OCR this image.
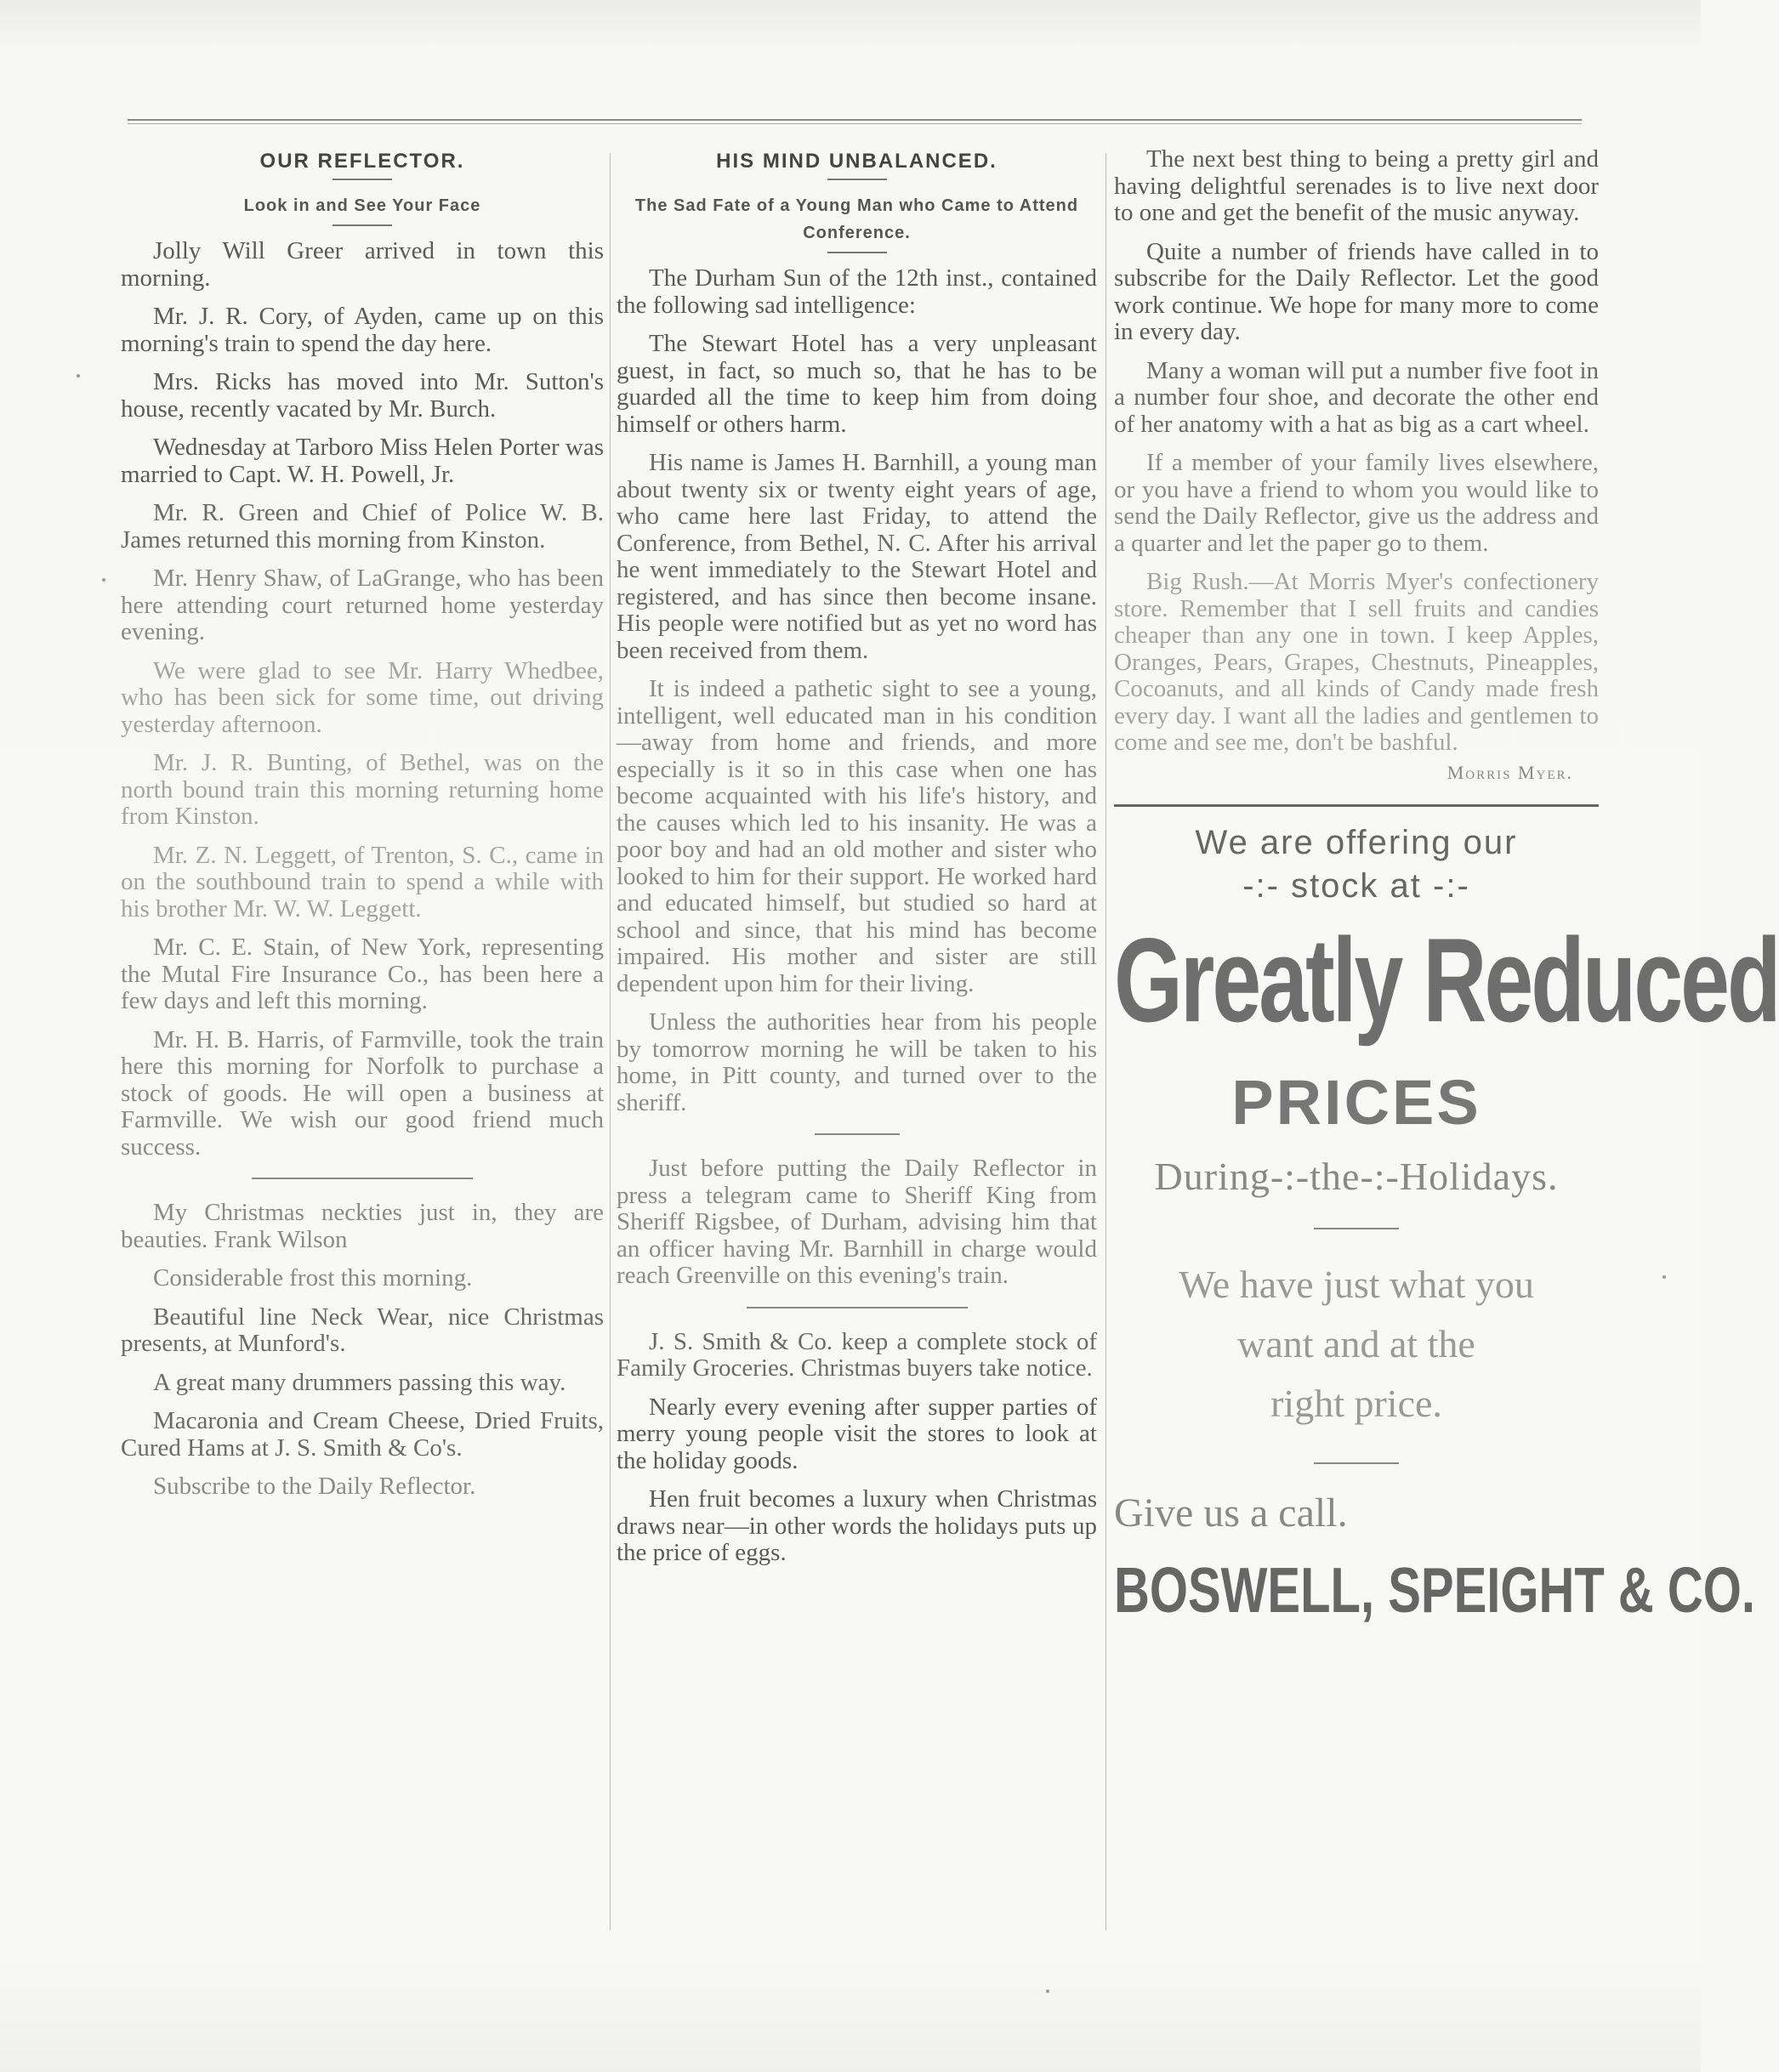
OUR REFLECTOR.
Look in and See Your Face

Jolly Will Greer arrived in town this morning.

Mr. J. R. Cory, of Ayden, came up on this morning's train to spend the day here.

Mrs. Ricks has moved into Mr. Sutton's house, recently vacated by Mr. Burch.

Wednesday at Tarboro Miss Helen Porter was married to Capt. W. H. Powell, Jr.

Mr. R. Green and Chief of Police W. B. James returned this morning from Kinston.

Mr. Henry Shaw, of LaGrange, who has been here attending court returned home yesterday evening.

We were glad to see Mr. Harry Whedbee, who has been sick for some time, out driving yesterday afternoon.

Mr. J. R. Bunting, of Bethel, was on the north bound train this morning returning home from Kinston.

Mr. Z. N. Leggett, of Trenton, S. C., came in on the southbound train to spend a while with his brother Mr. W. W. Leggett.

Mr. C. E. Stain, of New York, representing the Mutal Fire Insurance Co., has been here a few days and left this morning.

Mr. H. B. Harris, of Farmville, took the train here this morning for Norfolk to purchase a stock of goods. He will open a business at Farmville. We wish our good friend much success.

My Christmas neckties just in, they are beauties. Frank Wilson

Considerable frost this morning.

Beautiful line Neck Wear, nice Christmas presents, at Munford's.

A great many drummers passing this way.

Macaronia and Cream Cheese, Dried Fruits, Cured Hams at J. S. Smith & Co's.

Subscribe to the Daily Reflector.

HIS MIND UNBALANCED.
The Sad Fate of a Young Man who Came to Attend Conference.

The Durham Sun of the 12th inst., contained the following sad intelligence:

The Stewart Hotel has a very unpleasant guest, in fact, so much so, that he has to be guarded all the time to keep him from doing himself or others harm.

His name is James H. Barnhill, a young man about twenty six or twenty eight years of age, who came here last Friday, to attend the Conference, from Bethel, N. C. After his arrival he went immediately to the Stewart Hotel and registered, and has since then become insane. His people were notified but as yet no word has been received from them.

It is indeed a pathetic sight to see a young, intelligent, well educated man in his condition—away from home and friends, and more especially is it so in this case when one has become acquainted with his life's history, and the causes which led to his insanity. He was a poor boy and had an old mother and sister who looked to him for their support. He worked hard and educated himself, but studied so hard at school and since, that his mind has become impaired. His mother and sister are still dependent upon him for their living.

Unless the authorities hear from his people by tomorrow morning he will be taken to his home, in Pitt county, and turned over to the sheriff.

Just before putting the Daily Reflector in press a telegram came to Sheriff King from Sheriff Rigsbee, of Durham, advising him that an officer having Mr. Barnhill in charge would reach Greenville on this evening's train.

J. S. Smith & Co. keep a complete stock of Family Groceries. Christmas buyers take notice.

Nearly every evening after supper parties of merry young people visit the stores to look at the holiday goods.

Hen fruit becomes a luxury when Christmas draws near—in other words the holidays puts up the price of eggs.

The next best thing to being a pretty girl and having delightful serenades is to live next door to one and get the benefit of the music anyway.

Quite a number of friends have called in to subscribe for the Daily Reflector. Let the good work continue. We hope for many more to come in every day.

Many a woman will put a number five foot in a number four shoe, and decorate the other end of her anatomy with a hat as big as a cart wheel.

If a member of your family lives elsewhere, or you have a friend to whom you would like to send the Daily Reflector, give us the address and a quarter and let the paper go to them.

Big Rush.—At Morris Myer's confectionery store. Remember that I sell fruits and candies cheaper than any one in town. I keep Apples, Oranges, Pears, Grapes, Chestnuts, Pineapples, Cocoanuts, and all kinds of Candy made fresh every day. I want all the ladies and gentlemen to come and see me, don't be bashful.

Morris Myer.

We are offering our

-:- stock at -:-

Greatly Reduced
PRICES

During-:-the-:-Holidays.

We have just what you

want and at the

right price.

Give us a call.

BOSWELL, SPEIGHT & CO.
